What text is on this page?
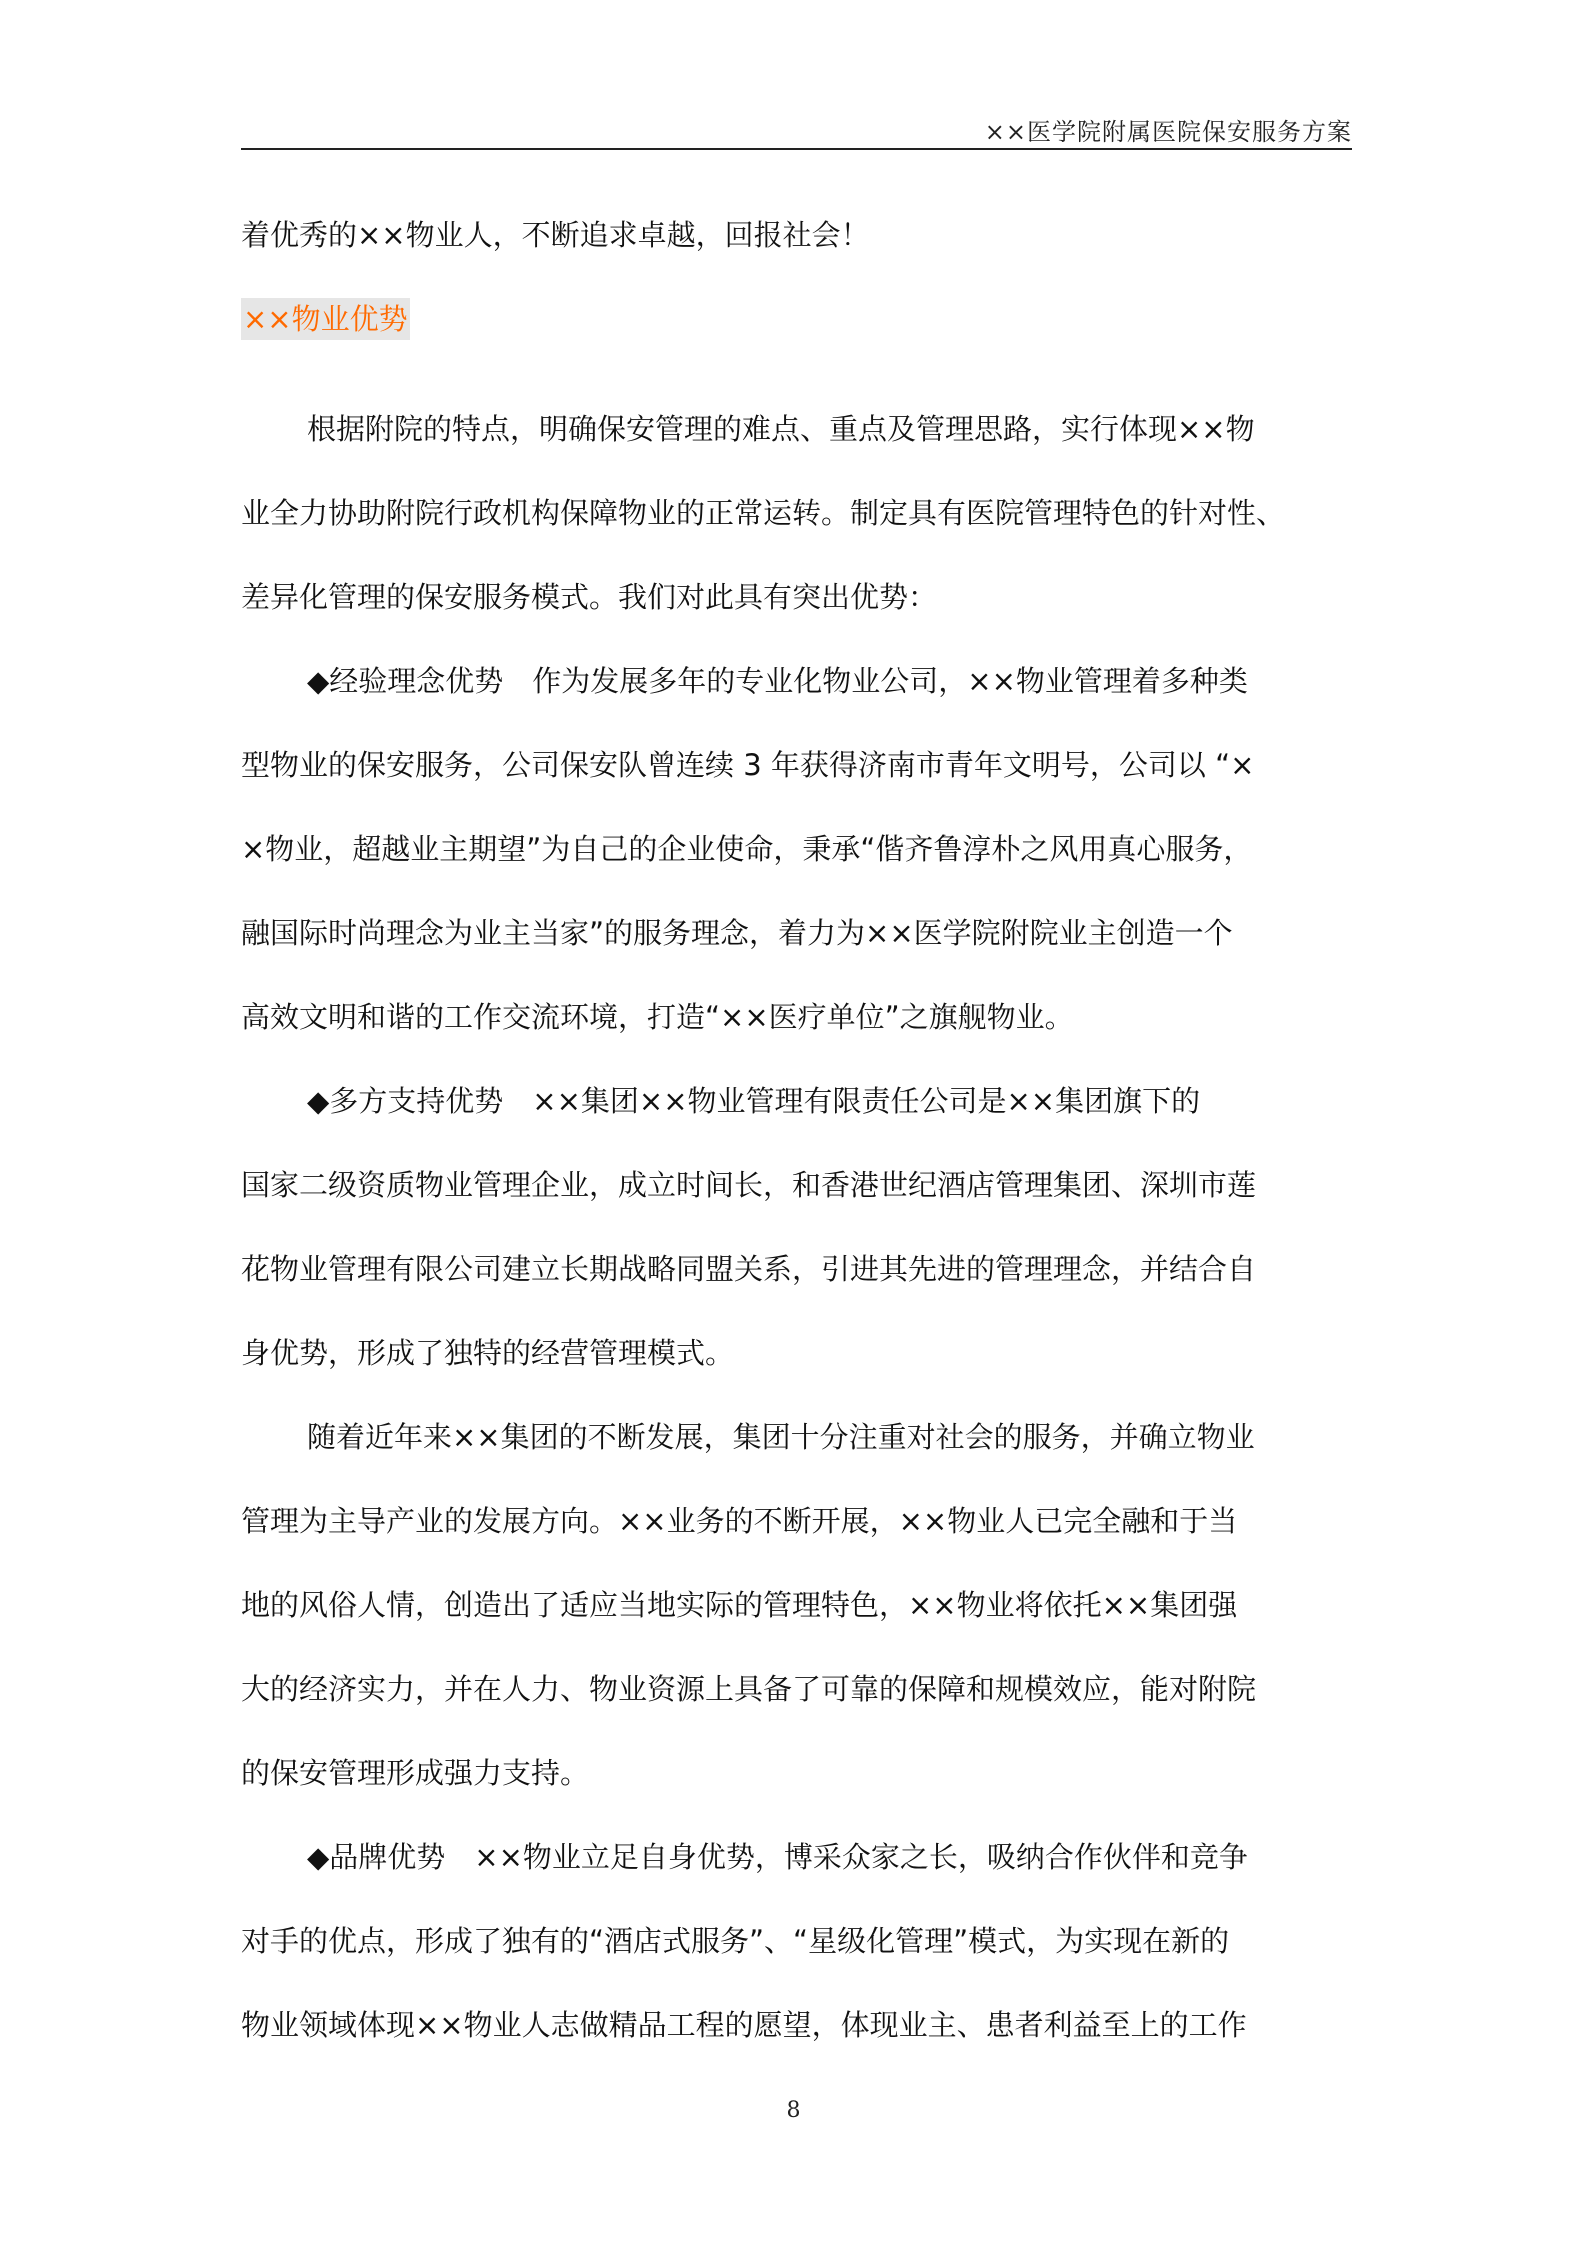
××医学院附属医院保安服务方案
着优秀的××物业人，不断追求卓越，回报社会！
××物业优势
根据附院的特点，明确保安管理的难点、重点及管理思路，实行体现××物
业全力协助附院行政机构保障物业的正常运转。制定具有医院管理特色的针对性、
差异化管理的保安服务模式。我们对此具有突出优势：
◆经验理念优势　作为发展多年的专业化物业公司，××物业管理着多种类
型物业的保安服务，公司保安队曾连续 3 年获得济南市青年文明号，公司以 “×
×物业，超越业主期望”为自己的企业使命，秉承“偕齐鲁淳朴之风用真心服务，
融国际时尚理念为业主当家”的服务理念，着力为××医学院附院业主创造一个
高效文明和谐的工作交流环境，打造“××医疗单位”之旗舰物业。
◆多方支持优势　××集团××物业管理有限责任公司是××集团旗下的
国家二级资质物业管理企业，成立时间长，和香港世纪酒店管理集团、深圳市莲
花物业管理有限公司建立长期战略同盟关系，引进其先进的管理理念，并结合自
身优势，形成了独特的经营管理模式。
随着近年来××集团的不断发展，集团十分注重对社会的服务，并确立物业
管理为主导产业的发展方向。××业务的不断开展，××物业人已完全融和于当
地的风俗人情，创造出了适应当地实际的管理特色，××物业将依托××集团强
大的经济实力，并在人力、物业资源上具备了可靠的保障和规模效应，能对附院
的保安管理形成强力支持。
◆品牌优势　××物业立足自身优势，博采众家之长，吸纳合作伙伴和竞争
对手的优点，形成了独有的“酒店式服务”、“星级化管理”模式，为实现在新的
物业领域体现××物业人志做精品工程的愿望，体现业主、患者利益至上的工作
8
